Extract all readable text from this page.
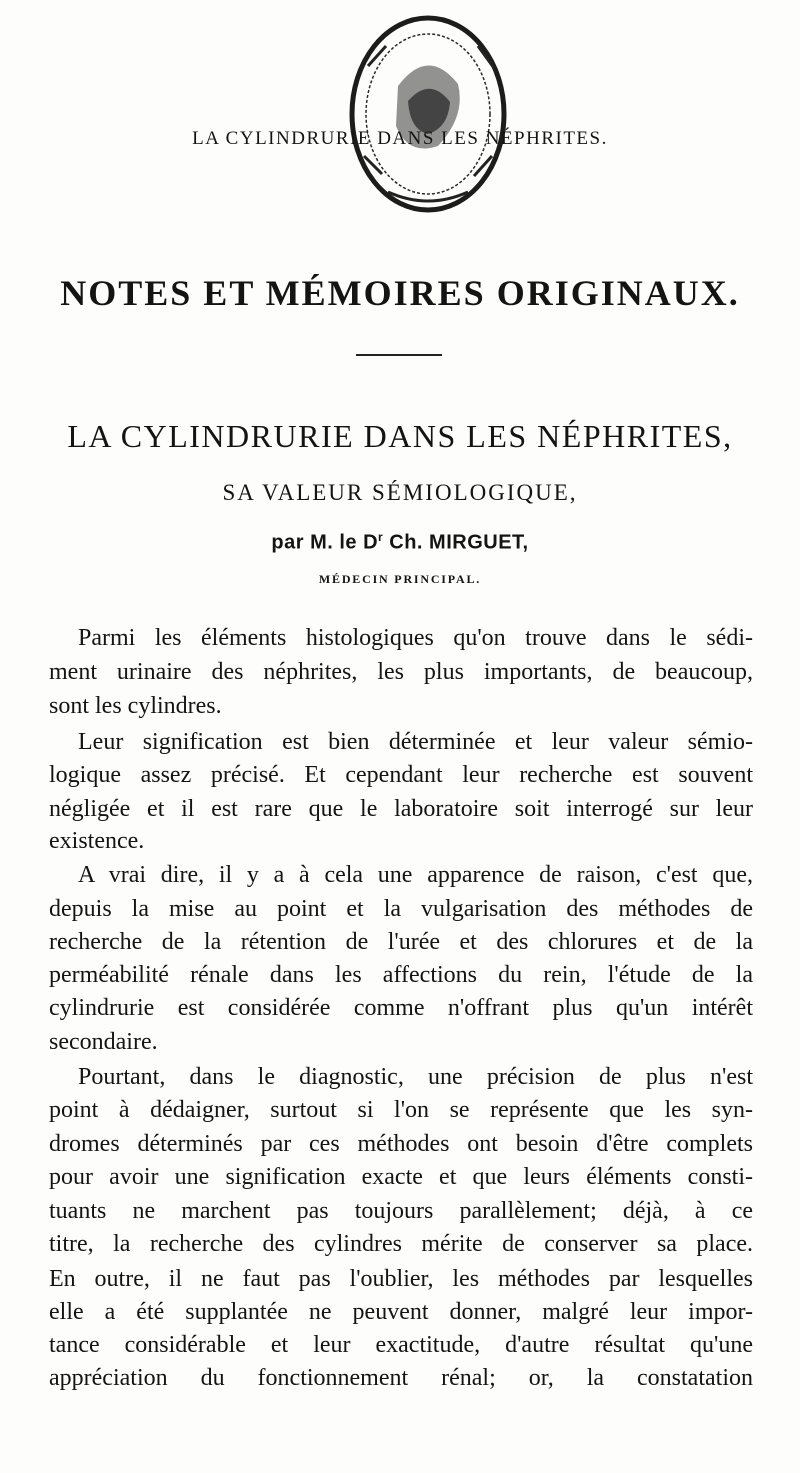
LA CYLINDRURIE DANS LES NÉPHRITES.
NOTES ET MÉMOIRES ORIGINAUX.
LA CYLINDRURIE DANS LES NÉPHRITES,
SA VALEUR SÉMIOLOGIQUE,
par M. le $D^r$ Ch. MIRGUET,
MÉDECIN PRINCIPAL.
Parmi les éléments histologiques qu'on trouve dans le sédi-
ment urinaire des néphrites, les plus importants, de beaucoup,
sont les cylindres.
Leur signification est bien déterminée et leur valeur sémio-
logique assez précisé. Et cependant leur recherche est souvent
négligée et il est rare que le laboratoire soit interrogé sur leur
existence.
A vrai dire, il y a à cela une apparence de raison, c'est que,
depuis la mise au point et la vulgarisation des méthodes de
recherche de la rétention de l'urée et des chlorures et de la
perméabilité rénale dans les affections du rein, l'étude de la
cylindrurie est considérée comme n'offrant plus qu'un intérêt
secondaire.
Pourtant, dans le diagnostic, une précision de plus n'est
point à dédaigner, surtout si l'on se représente que les syn-
dromes déterminés par ces méthodes ont besoin d'être complets
pour avoir une signification exacte et que leurs éléments consti-
tuants ne marchent pas toujours parallèlement; déjà, à ce
titre, la recherche des cylindres mérite de conserver sa place.
En outre, il ne faut pas l'oublier, les méthodes par lesquelles
elle a été supplantée ne peuvent donner, malgré leur impor-
tance considérable et leur exactitude, d'autre résultat qu'une
appréciation du fonctionnement rénal; or, la constatation
